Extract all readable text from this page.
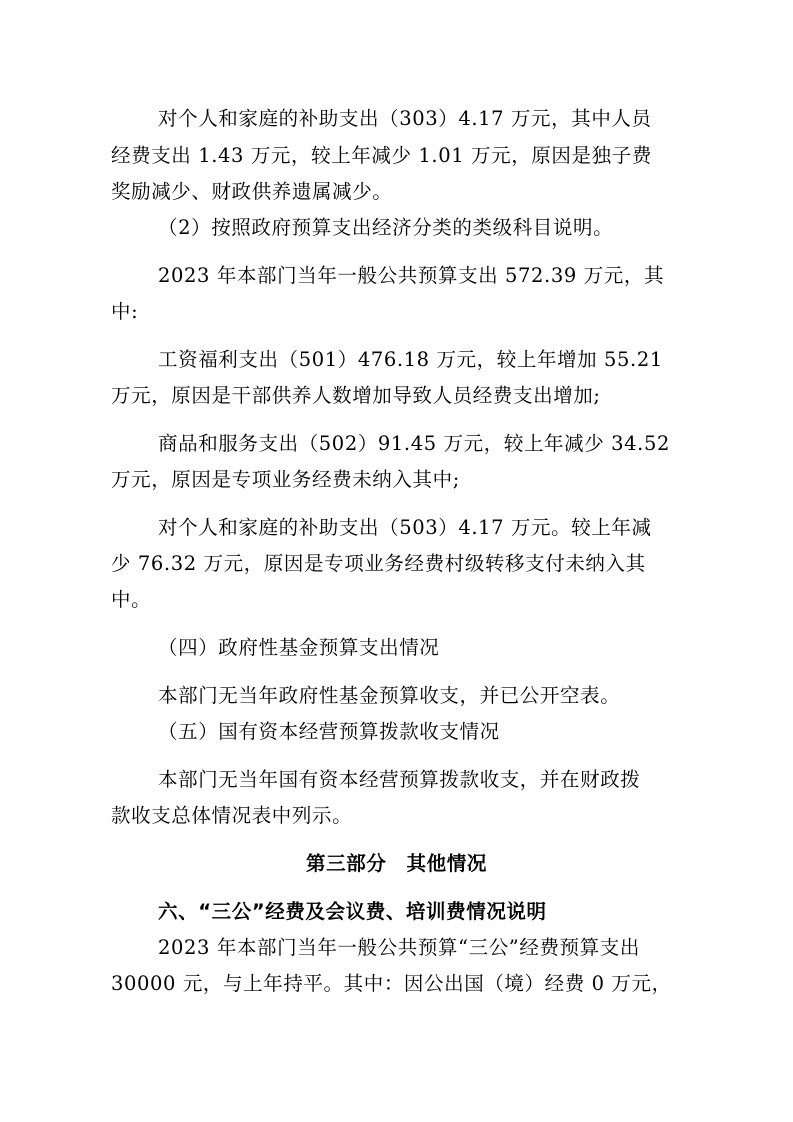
对个人和家庭的补助支出（303）4.17 万元，其中人员
经费支出 1.43 万元，较上年减少 1.01 万元，原因是独子费
奖励减少、财政供养遗属减少。
（2）按照政府预算支出经济分类的类级科目说明。
2023 年本部门当年一般公共预算支出 572.39 万元，其
中:
工资福利支出（501）476.18 万元，较上年增加 55.21
万元，原因是干部供养人数增加导致人员经费支出增加;
商品和服务支出（502）91.45 万元，较上年减少 34.52
万元，原因是专项业务经费未纳入其中;
对个人和家庭的补助支出（503）4.17 万元。较上年减
少 76.32 万元，原因是专项业务经费村级转移支付未纳入其
中。
（四）政府性基金预算支出情况
本部门无当年政府性基金预算收支，并已公开空表。
（五）国有资本经营预算拨款收支情况
本部门无当年国有资本经营预算拨款收支，并在财政拨
款收支总体情况表中列示。
第三部分　其他情况
六、“三公”经费及会议费、培训费情况说明
2023 年本部门当年一般公共预算“三公”经费预算支出
30000 元，与上年持平。其中：因公出国（境）经费 0 万元，
